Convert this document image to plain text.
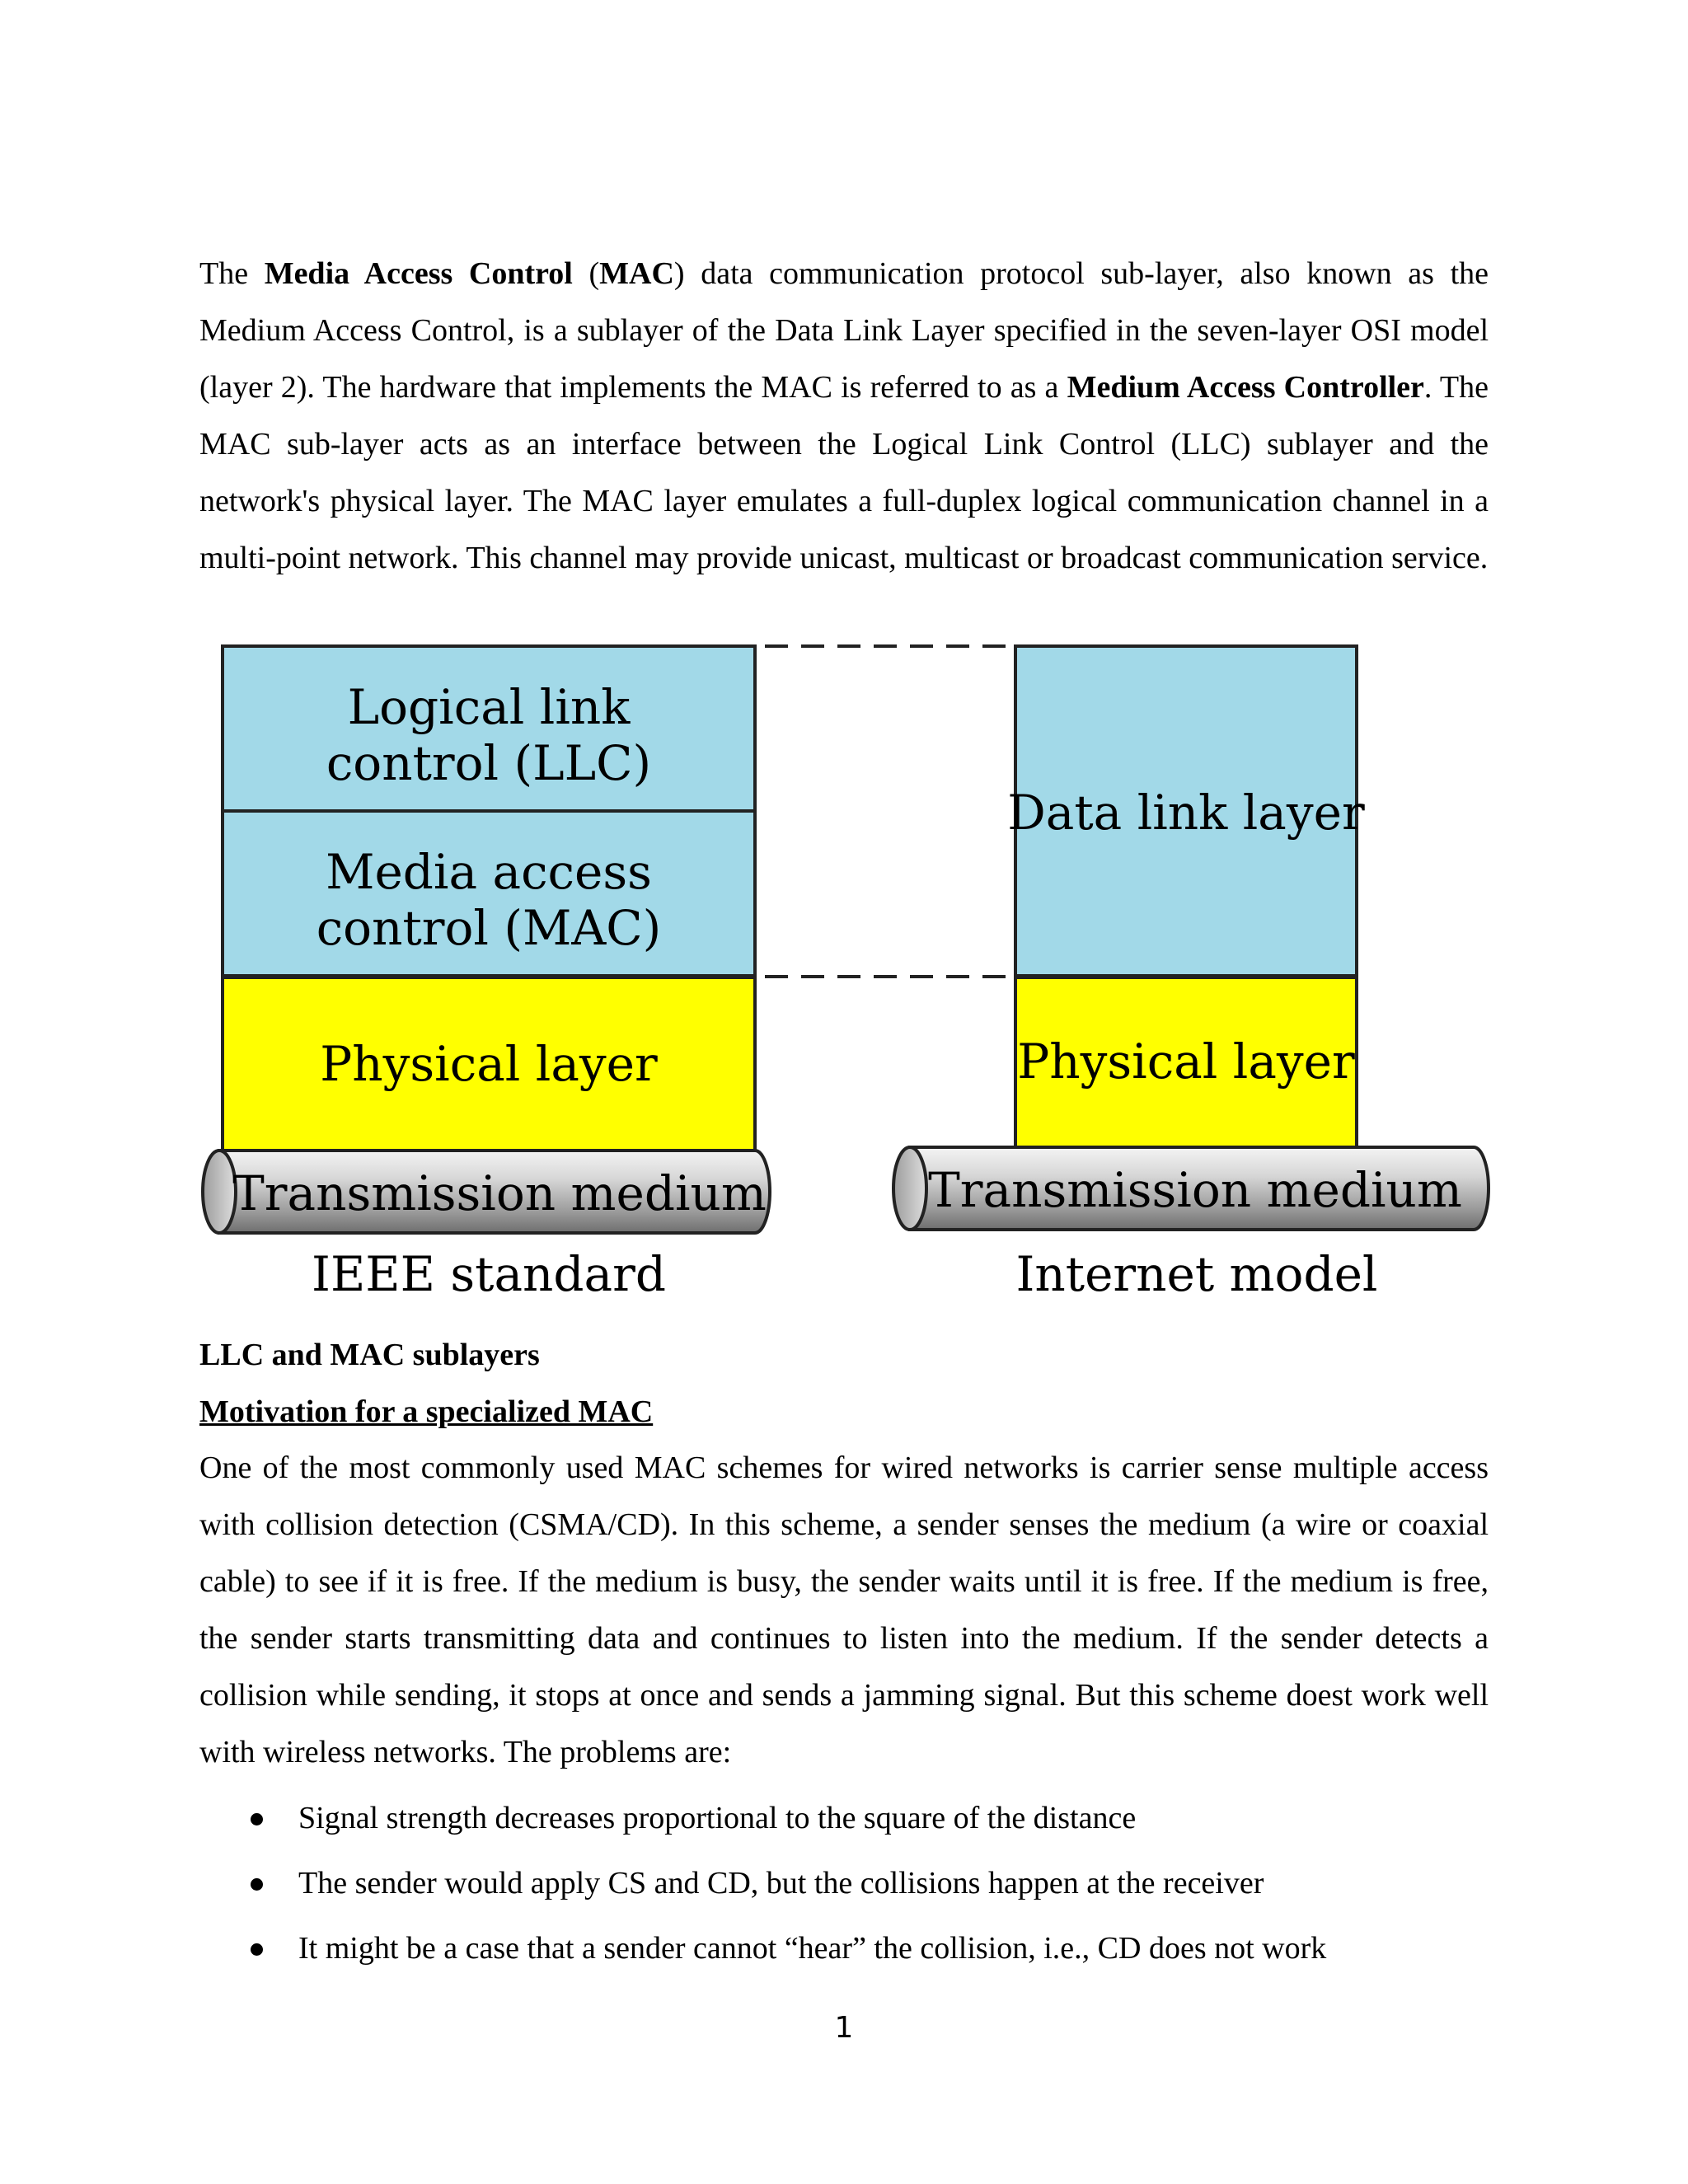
The Media Access Control (MAC) data communication protocol sub-layer, also known as the Medium Access Control, is a sublayer of the Data Link Layer specified in the seven-layer OSI model (layer 2). The hardware that implements the MAC is referred to as a Medium Access Controller. The MAC sub-layer acts as an interface between the Logical Link Control (LLC) sublayer and the network's physical layer. The MAC layer emulates a full-duplex logical communication channel in a multi-point network. This channel may provide unicast, multicast or broadcast communication service.

Logical link
control (LLC)
Media access
control (MAC)
Physical layer
Transmission medium
IEEE standard
Data link layer
Physical layer
Transmission medium
Internet model
LLC and MAC sublayers
Motivation for a specialized MAC

One of the most commonly used MAC schemes for wired networks is carrier sense multiple access with collision detection (CSMA/CD). In this scheme, a sender senses the medium (a wire or coaxial cable) to see if it is free. If the medium is busy, the sender waits until it is free. If the medium is free, the sender starts transmitting data and continues to listen into the medium. If the sender detects a collision while sending, it stops at once and sends a jamming signal. But this scheme doest work well with wireless networks. The problems are:

Signal strength decreases proportional to the square of the distance
The sender would apply CS and CD, but the collisions happen at the receiver
It might be a case that a sender cannot “hear” the collision, i.e., CD does not work
1
